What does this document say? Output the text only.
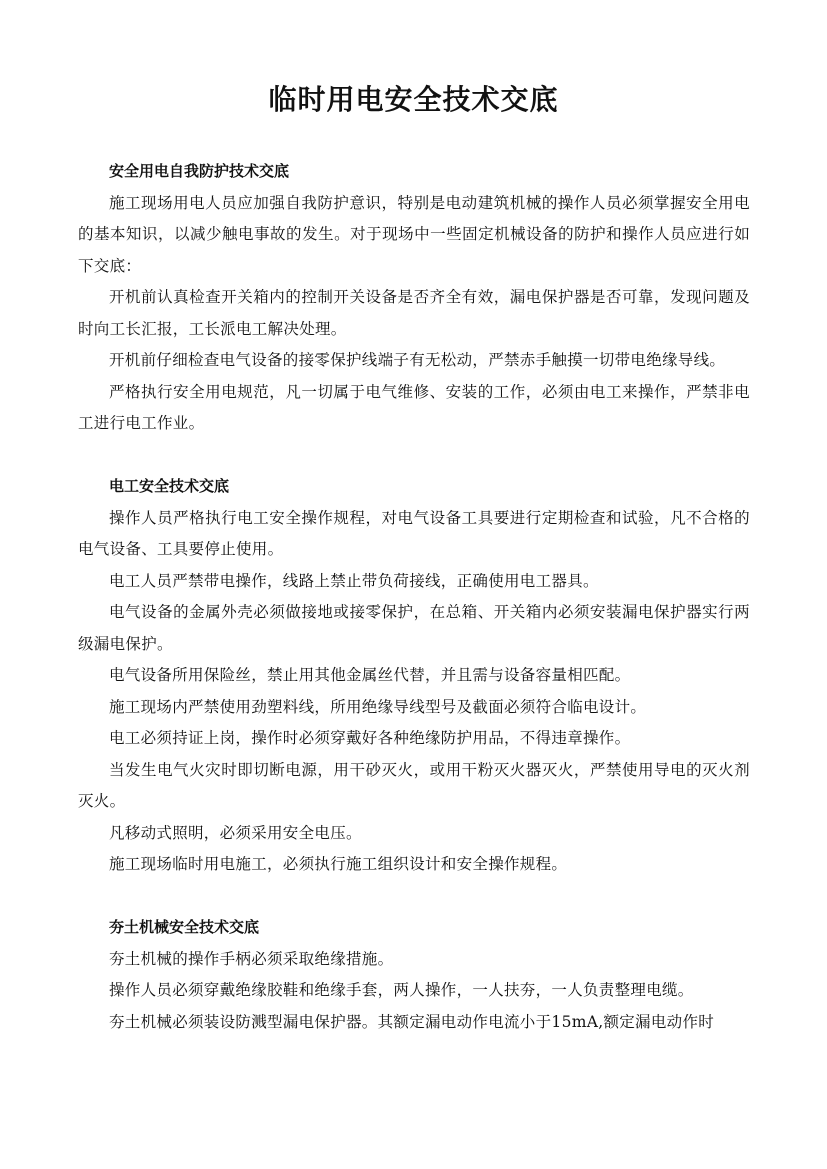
临时用电安全技术交底

安全用电自我防护技术交底

施工现场用电人员应加强自我防护意识，特别是电动建筑机械的操作人员必须掌握安全用电的基本知识，以减少触电事故的发生。对于现场中一些固定机械设备的防护和操作人员应进行如下交底：

开机前认真检查开关箱内的控制开关设备是否齐全有效，漏电保护器是否可靠，发现问题及时向工长汇报，工长派电工解决处理。

开机前仔细检查电气设备的接零保护线端子有无松动，严禁赤手触摸一切带电绝缘导线。

严格执行安全用电规范，凡一切属于电气维修、安装的工作，必须由电工来操作，严禁非电工进行电工作业。

电工安全技术交底

操作人员严格执行电工安全操作规程，对电气设备工具要进行定期检查和试验，凡不合格的电气设备、工具要停止使用。

电工人员严禁带电操作，线路上禁止带负荷接线，正确使用电工器具。

电气设备的金属外壳必须做接地或接零保护，在总箱、开关箱内必须安装漏电保护器实行两级漏电保护。

电气设备所用保险丝，禁止用其他金属丝代替，并且需与设备容量相匹配。

施工现场内严禁使用劲塑料线，所用绝缘导线型号及截面必须符合临电设计。

电工必须持证上岗，操作时必须穿戴好各种绝缘防护用品，不得违章操作。

当发生电气火灾时即切断电源，用干砂灭火，或用干粉灭火器灭火，严禁使用导电的灭火剂灭火。

凡移动式照明，必须采用安全电压。

施工现场临时用电施工，必须执行施工组织设计和安全操作规程。

夯土机械安全技术交底

夯土机械的操作手柄必须采取绝缘措施。

操作人员必须穿戴绝缘胶鞋和绝缘手套，两人操作，一人扶夯，一人负责整理电缆。

夯土机械必须装设防溅型漏电保护器。其额定漏电动作电流小于15mA,额定漏电动作时
